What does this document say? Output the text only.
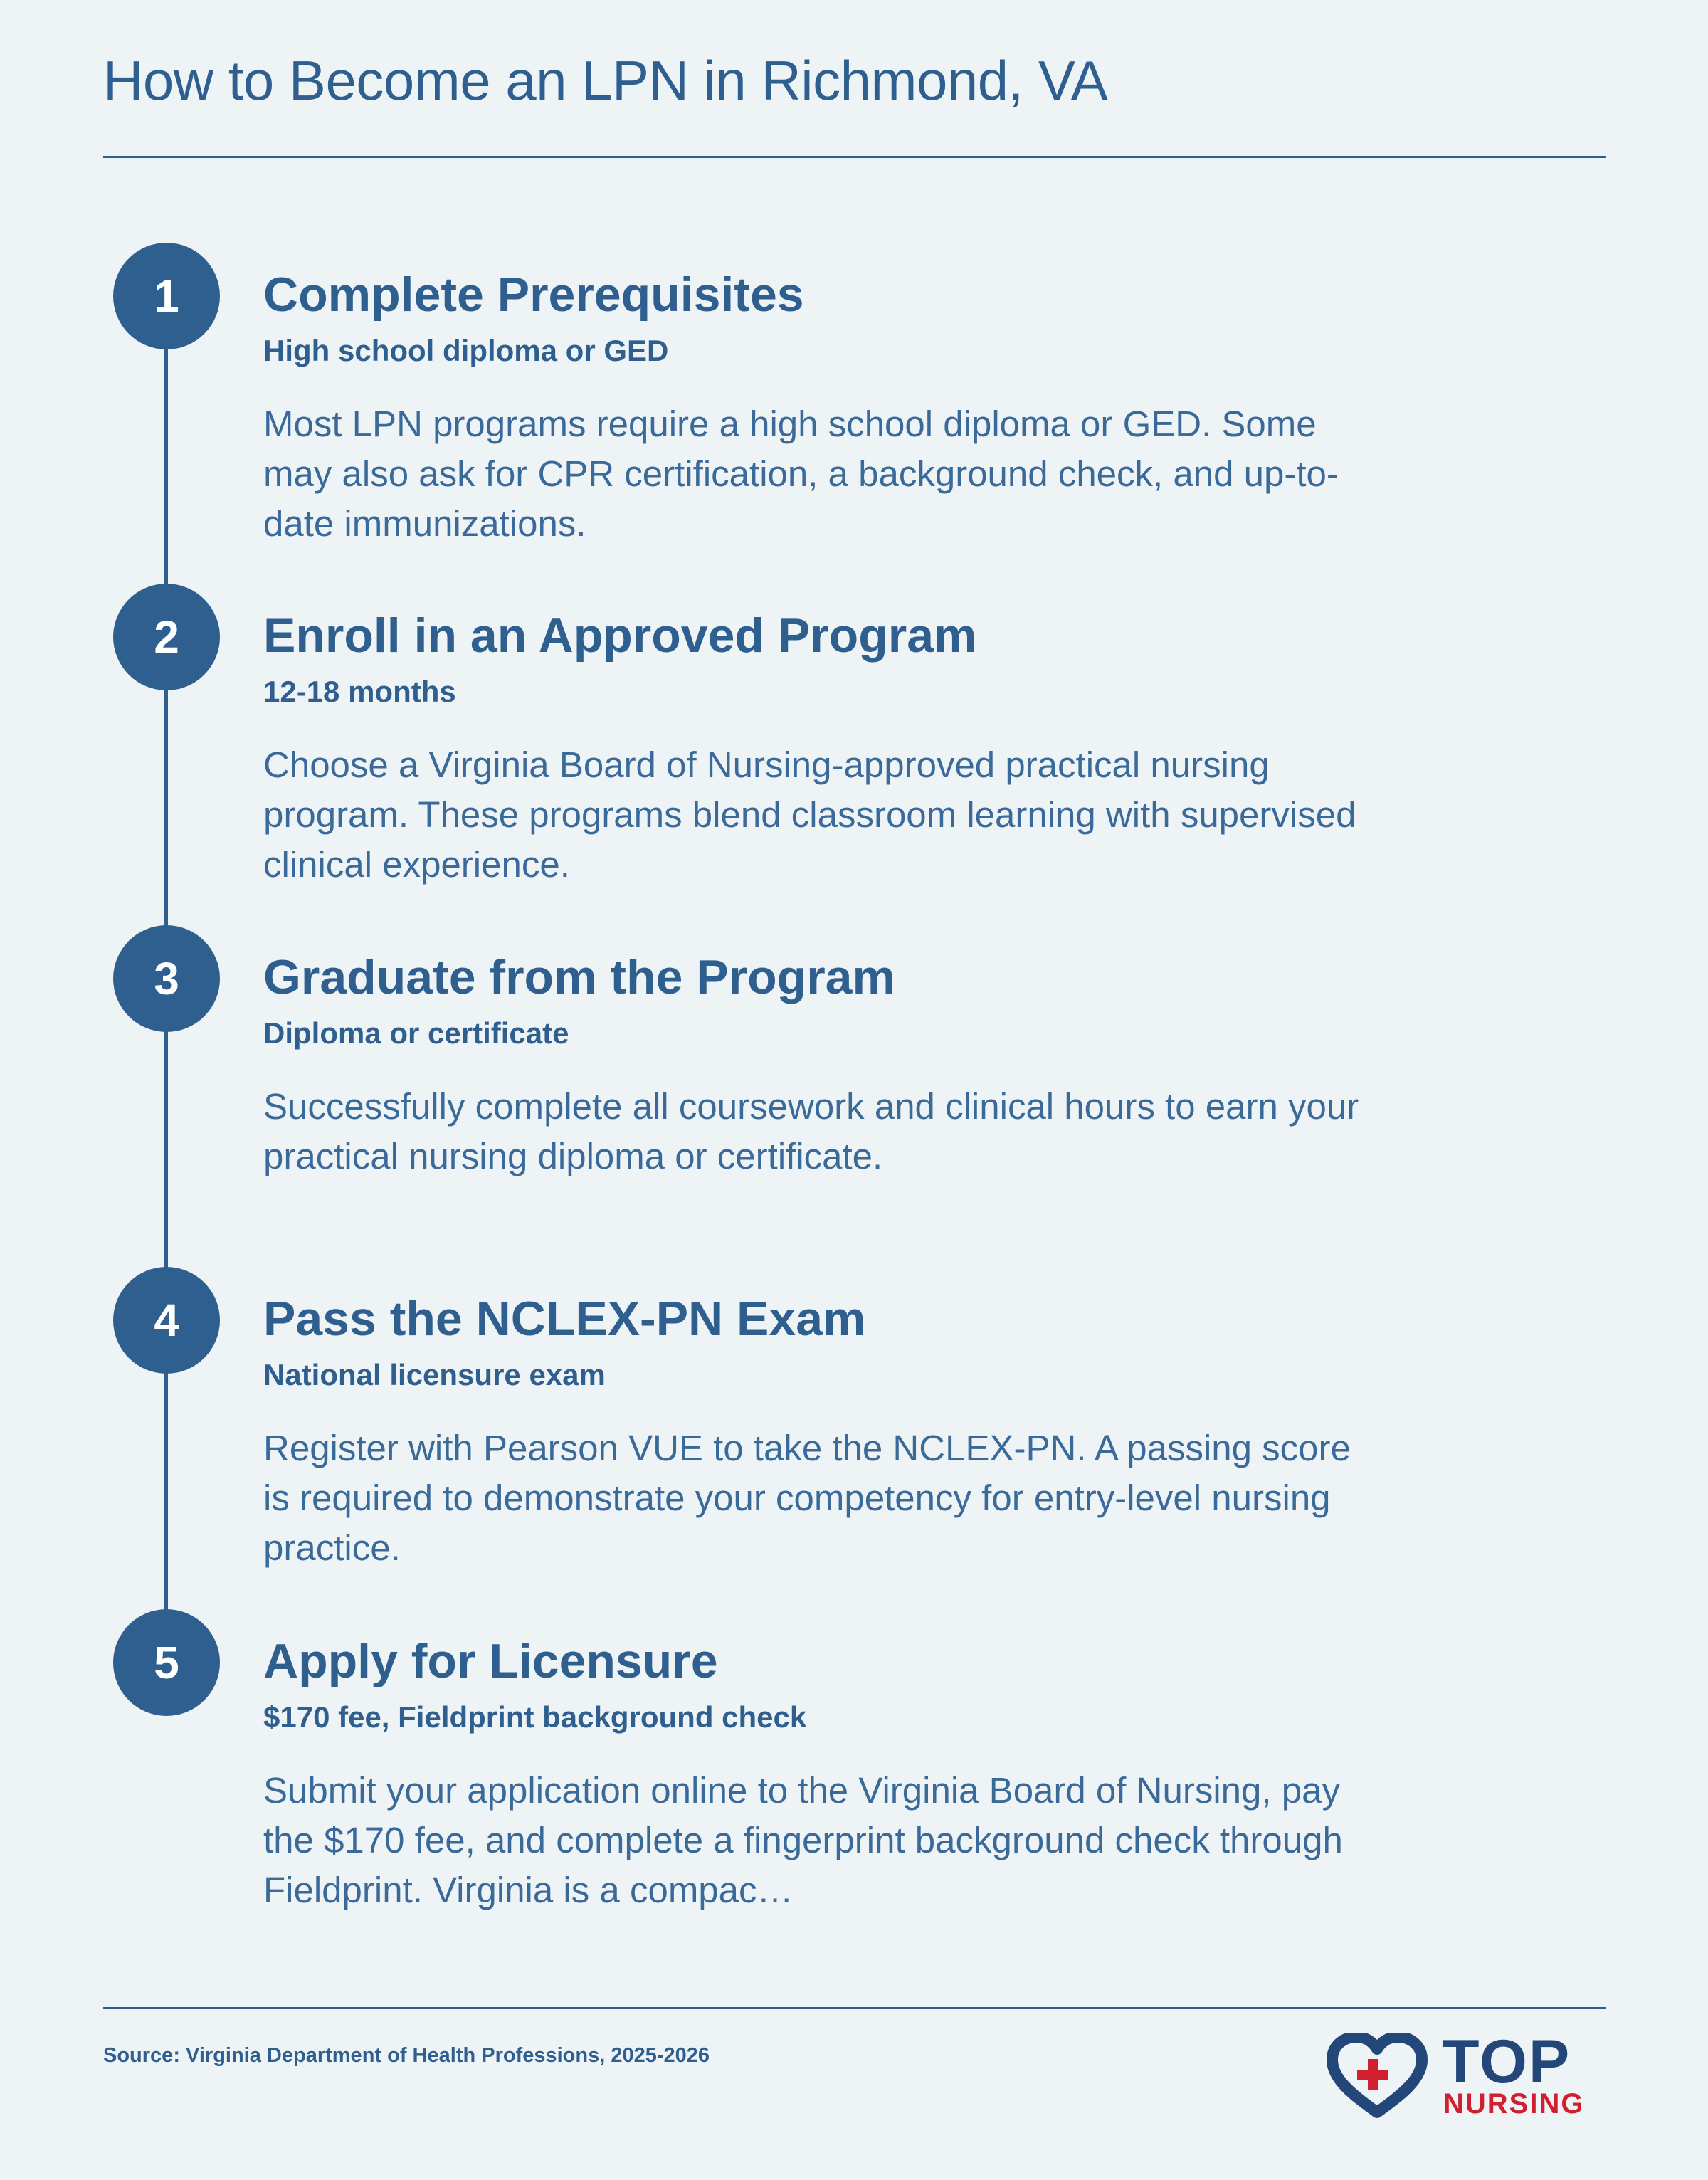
How to Become an LPN in Richmond, VA
1	Complete Prerequisites
High school diploma or GED
Most LPN programs require a high school diploma or GED. Some may also ask for CPR certification, a background check, and up-to-date immunizations.
2	Enroll in an Approved Program
12-18 months
Choose a Virginia Board of Nursing-approved practical nursing program. These programs blend classroom learning with supervised clinical experience.
3	Graduate from the Program
Diploma or certificate
Successfully complete all coursework and clinical hours to earn your practical nursing diploma or certificate.
4	Pass the NCLEX-PN Exam
National licensure exam
Register with Pearson VUE to take the NCLEX-PN. A passing score is required to demonstrate your competency for entry-level nursing practice.
5	Apply for Licensure
$170 fee, Fieldprint background check
Submit your application online to the Virginia Board of Nursing, pay the $170 fee, and complete a fingerprint background check through Fieldprint. Virginia is a compac…
Source: Virginia Department of Health Professions, 2025-2026	TOP
NURSING
